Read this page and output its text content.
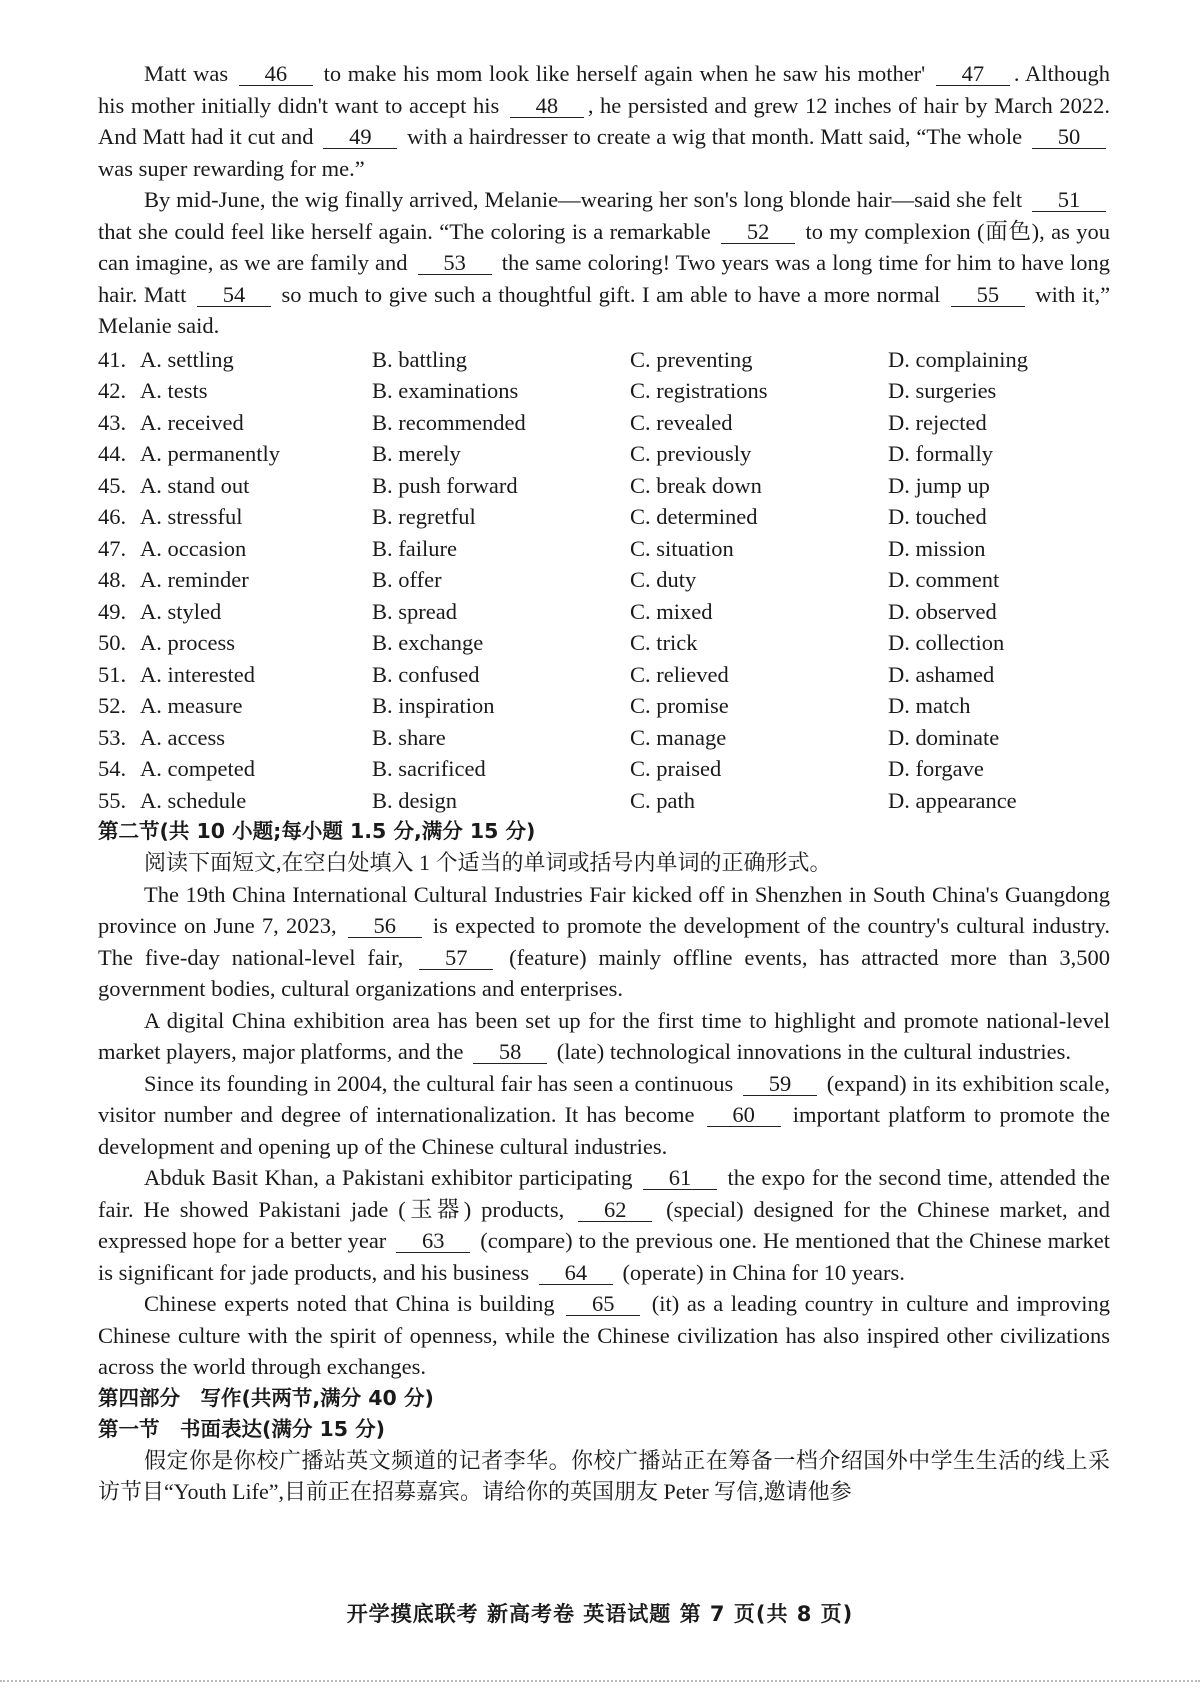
Matt was 46 to make his mom look like herself again when he saw his mother' 47 . Although his mother initially didn't want to accept his 48 , he persisted and grew 12 inches of hair by March 2022. And Matt had it cut and 49 with a hairdresser to create a wig that month. Matt said, “The whole 50 was super rewarding for me.”

By mid-June, the wig finally arrived, Melanie—wearing her son's long blonde hair—said she felt 51 that she could feel like herself again. “The coloring is a remarkable 52 to my complexion (面色), as you can imagine, as we are family and 53 the same coloring! Two years was a long time for him to have long hair. Matt 54 so much to give such a thoughtful gift. I am able to have a more normal 55 with it,” Melanie said.

41. A. settling	B. battling	C. preventing	D. complaining
42. A. tests	B. examinations	C. registrations	D. surgeries
43. A. received	B. recommended	C. revealed	D. rejected
44. A. permanently	B. merely	C. previously	D. formally
45. A. stand out	B. push forward	C. break down	D. jump up
46. A. stressful	B. regretful	C. determined	D. touched
47. A. occasion	B. failure	C. situation	D. mission
48. A. reminder	B. offer	C. duty	D. comment
49. A. styled	B. spread	C. mixed	D. observed
50. A. process	B. exchange	C. trick	D. collection
51. A. interested	B. confused	C. relieved	D. ashamed
52. A. measure	B. inspiration	C. promise	D. match
53. A. access	B. share	C. manage	D. dominate
54. A. competed	B. sacrificed	C. praised	D. forgave
55. A. schedule	B. design	C. path	D. appearance

第二节(共 10 小题;每小题 1.5 分,满分 15 分)

阅读下面短文,在空白处填入 1 个适当的单词或括号内单词的正确形式。

The 19th China International Cultural Industries Fair kicked off in Shenzhen in South China's Guangdong province on June 7, 2023, 56 is expected to promote the development of the country's cultural industry. The five-day national-level fair, 57 (feature) mainly offline events, has attracted more than 3,500 government bodies, cultural organizations and enterprises.

A digital China exhibition area has been set up for the first time to highlight and promote national-level market players, major platforms, and the 58 (late) technological innovations in the cultural industries.

Since its founding in 2004, the cultural fair has seen a continuous 59 (expand) in its exhibition scale, visitor number and degree of internationalization. It has become 60 important platform to promote the development and opening up of the Chinese cultural industries.

Abduk Basit Khan, a Pakistani exhibitor participating 61 the expo for the second time, attended the fair. He showed Pakistani jade (玉器) products, 62 (special) designed for the Chinese market, and expressed hope for a better year 63 (compare) to the previous one. He mentioned that the Chinese market is significant for jade products, and his business 64 (operate) in China for 10 years.

Chinese experts noted that China is building 65 (it) as a leading country in culture and improving Chinese culture with the spirit of openness, while the Chinese civilization has also inspired other civilizations across the world through exchanges.

第四部分　写作(共两节,满分 40 分)

第一节　书面表达(满分 15 分)

假定你是你校广播站英文频道的记者李华。你校广播站正在筹备一档介绍国外中学生生活的线上采访节目“Youth Life”,目前正在招募嘉宾。请给你的英国朋友 Peter 写信,邀请他参

开学摸底联考 新高考卷 英语试题 第 7 页(共 8 页)
